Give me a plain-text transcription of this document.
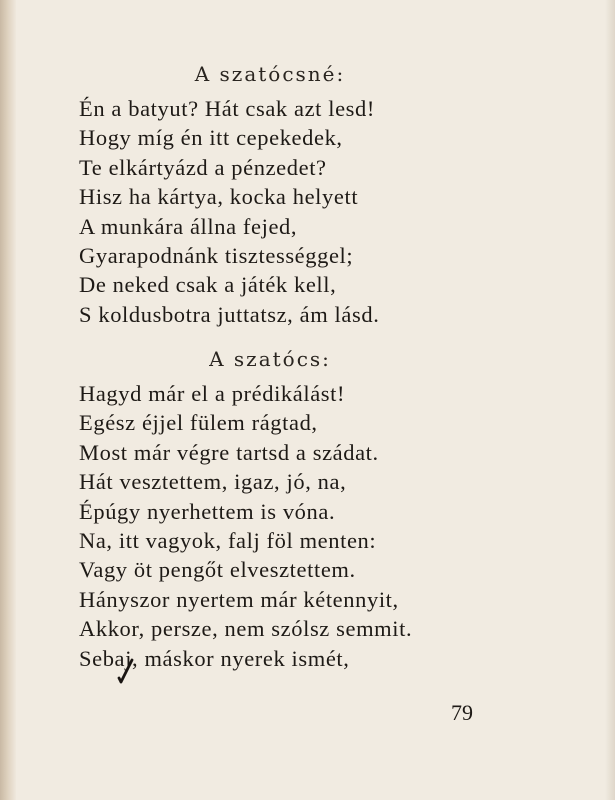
A szatócsné:
Én a batyut? Hát csak azt lesd!
Hogy míg én itt cepekedek,
Te elkártyázd a pénzedet?
Hisz ha kártya, kocka helyett
A munkára állna fejed,
Gyarapodnánk tisztességgel;
De neked csak a játék kell,
S koldusbotra juttatsz, ám lásd.
A szatócs:
Hagyd már el a prédikálást!
Egész éjjel fülem rágtad,
Most már végre tartsd a szádat.
Hát vesztettem, igaz, jó, na,
Épúgy nyerhettem is vóna.
Na, itt vagyok, falj föl menten:
Vagy öt pengőt elvesztettem.
Hányszor nyertem már kétennyit,
Akkor, persze, nem szólsz semmit.
Sebaj, máskor nyerek ismét,
79
